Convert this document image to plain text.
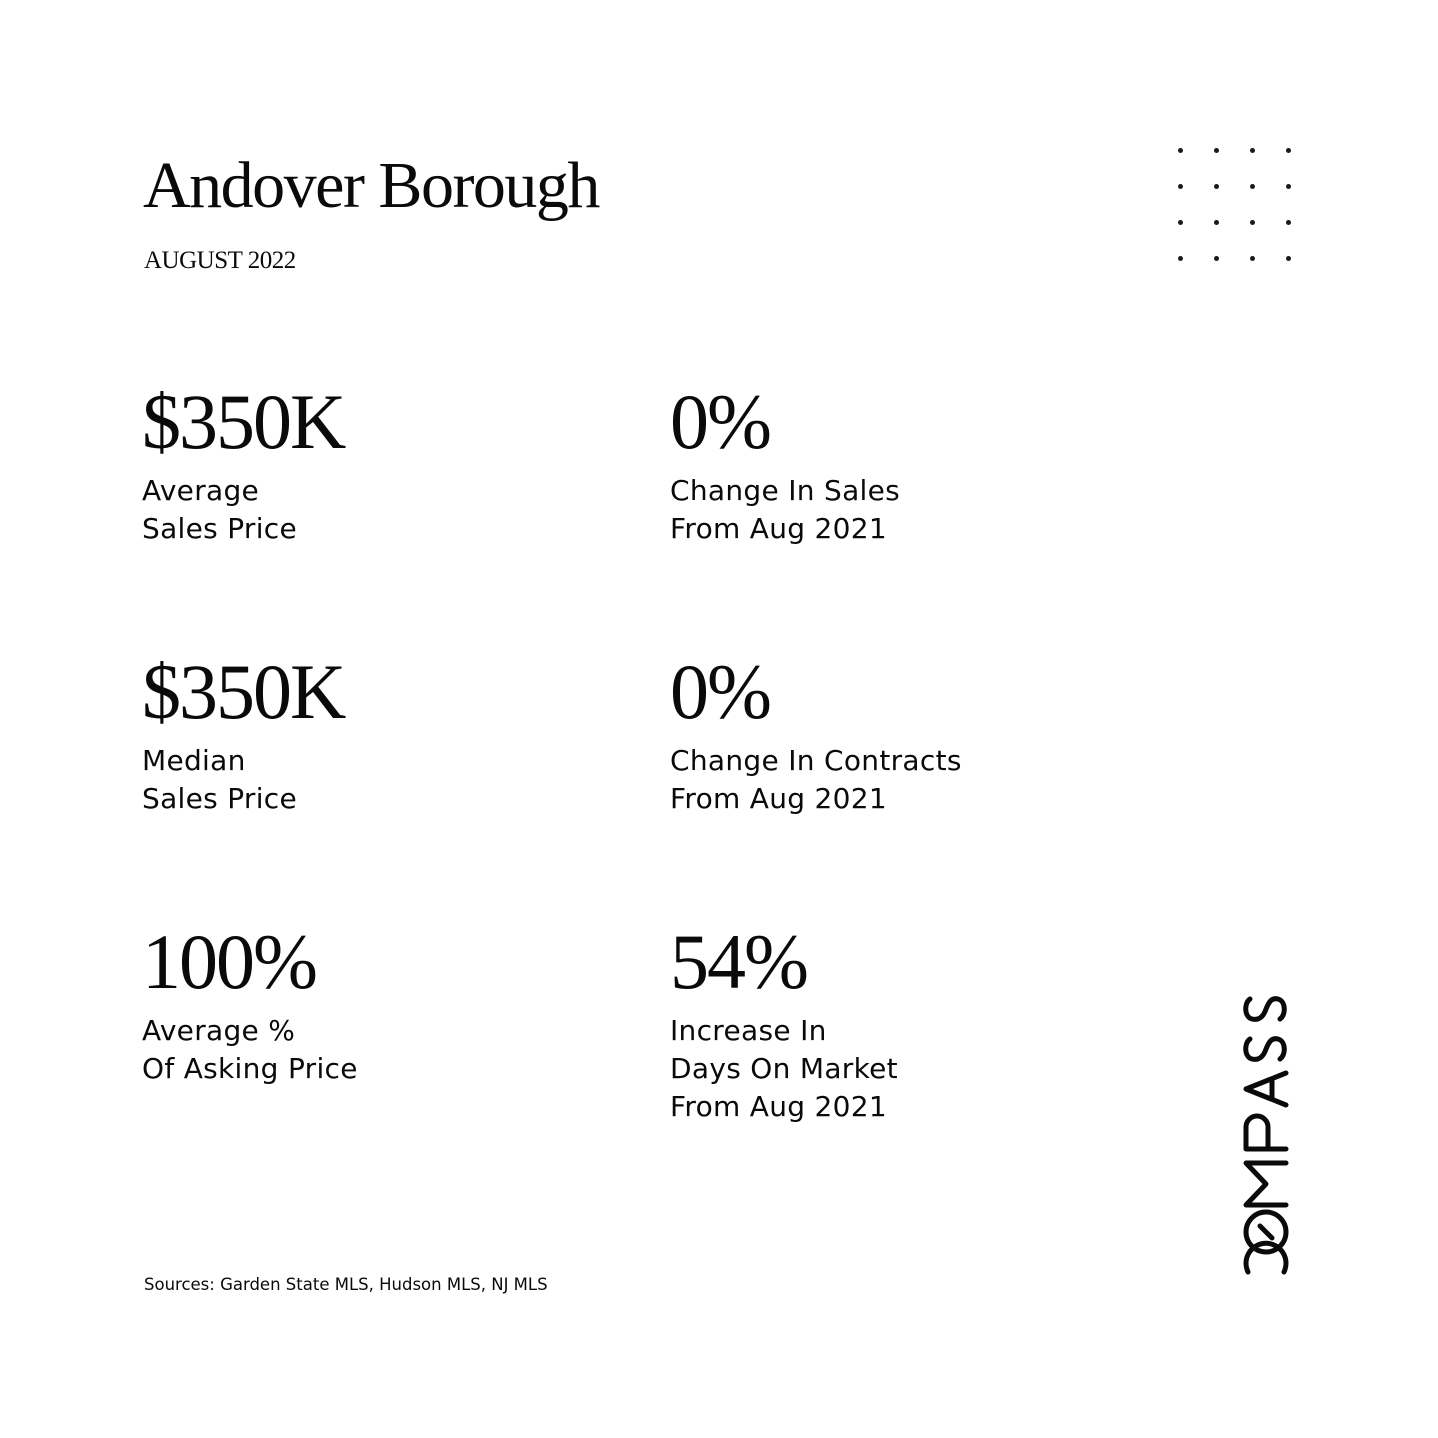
Andover Borough
AUGUST 2022
$350K
Average
Sales Price
0%
Change In Sales
From Aug 2021
$350K
Median
Sales Price
0%
Change In Contracts
From Aug 2021
100%
Average %
Of Asking Price
54%
Increase In
Days On Market
From Aug 2021
Sources: Garden State MLS, Hudson MLS, NJ MLS
